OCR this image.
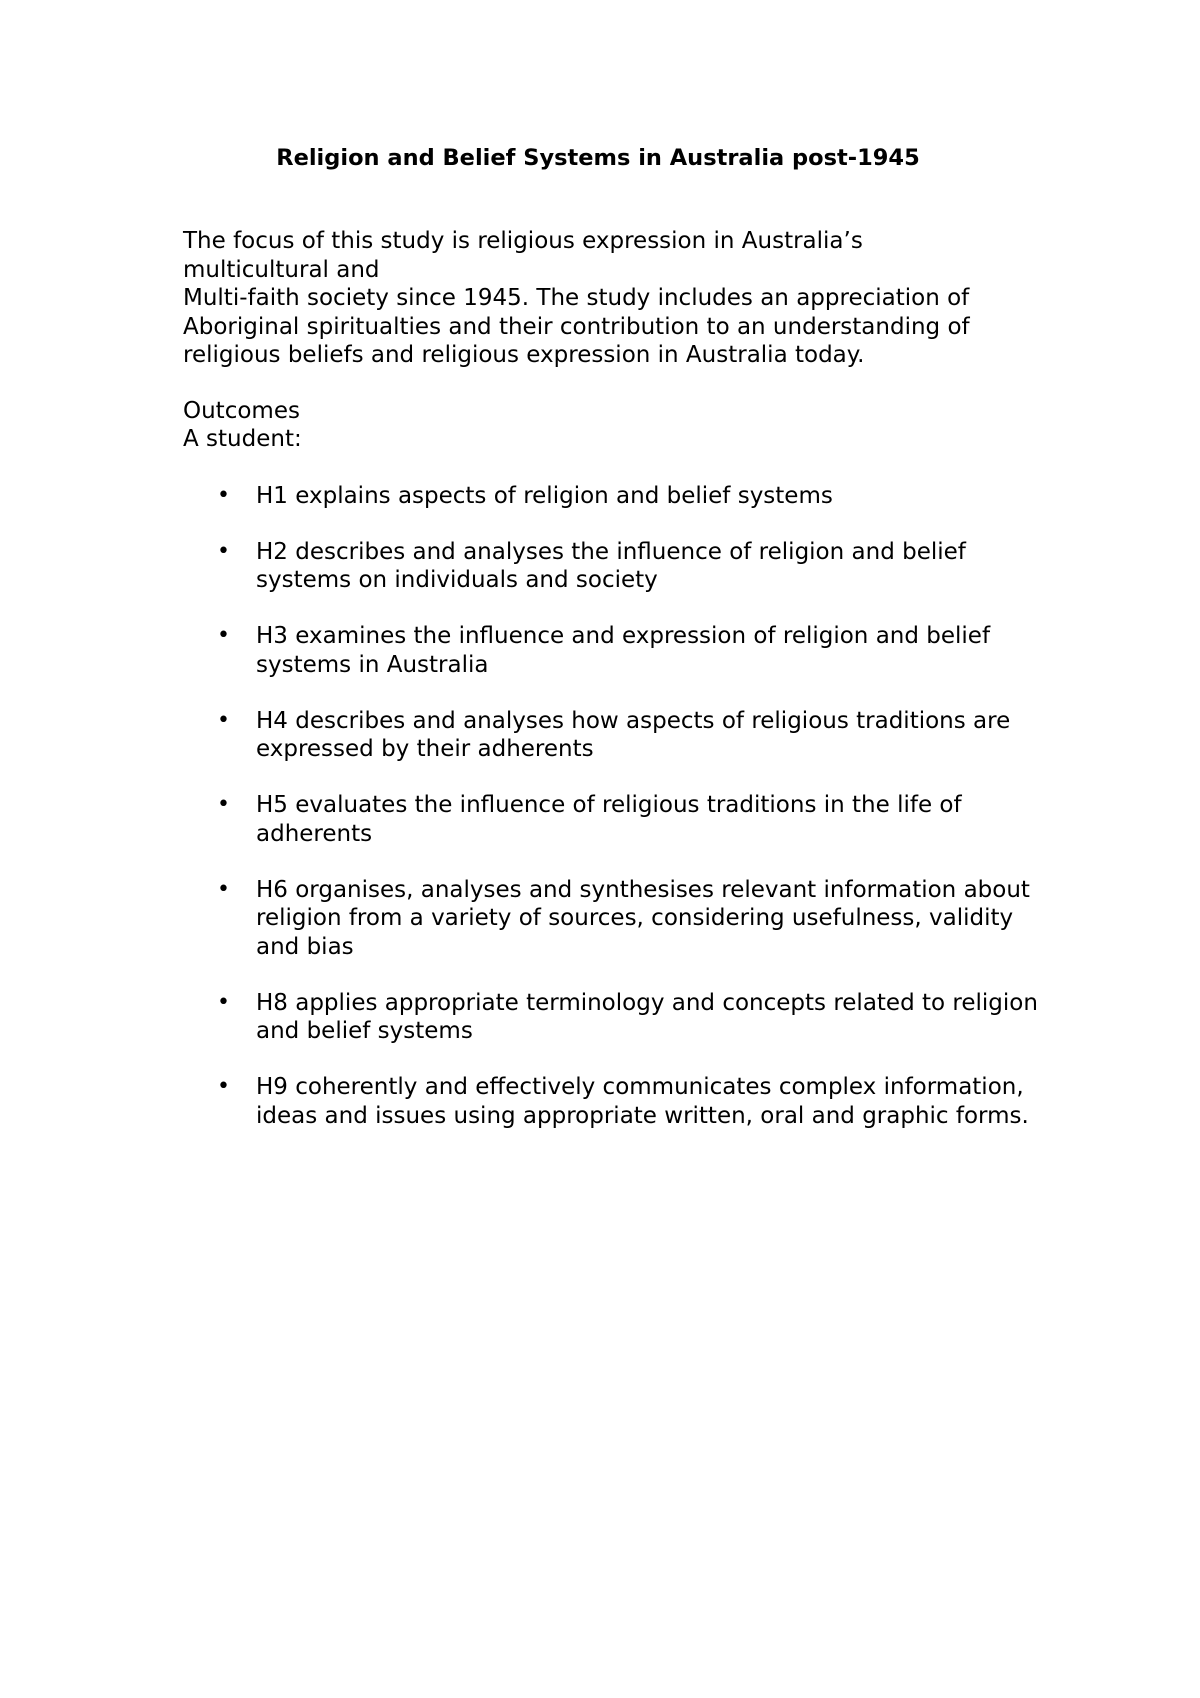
Religion and Belief Systems in Australia post-1945

The focus of this study is religious expression in Australia’s
multicultural and
Multi-faith society since 1945. The study includes an appreciation of
Aboriginal spiritualties and their contribution to an understanding of
religious beliefs and religious expression in Australia today.

Outcomes
A student:

• H1 explains aspects of religion and belief systems
• H2 describes and analyses the influence of religion and belief systems on individuals and society
• H3 examines the influence and expression of religion and belief systems in Australia
• H4 describes and analyses how aspects of religious traditions are expressed by their adherents
• H5 evaluates the influence of religious traditions in the life of adherents
• H6 organises, analyses and synthesises relevant information about religion from a variety of sources, considering usefulness, validity and bias
• H8 applies appropriate terminology and concepts related to religion and belief systems
• H9 coherently and effectively communicates complex information, ideas and issues using appropriate written, oral and graphic forms.
